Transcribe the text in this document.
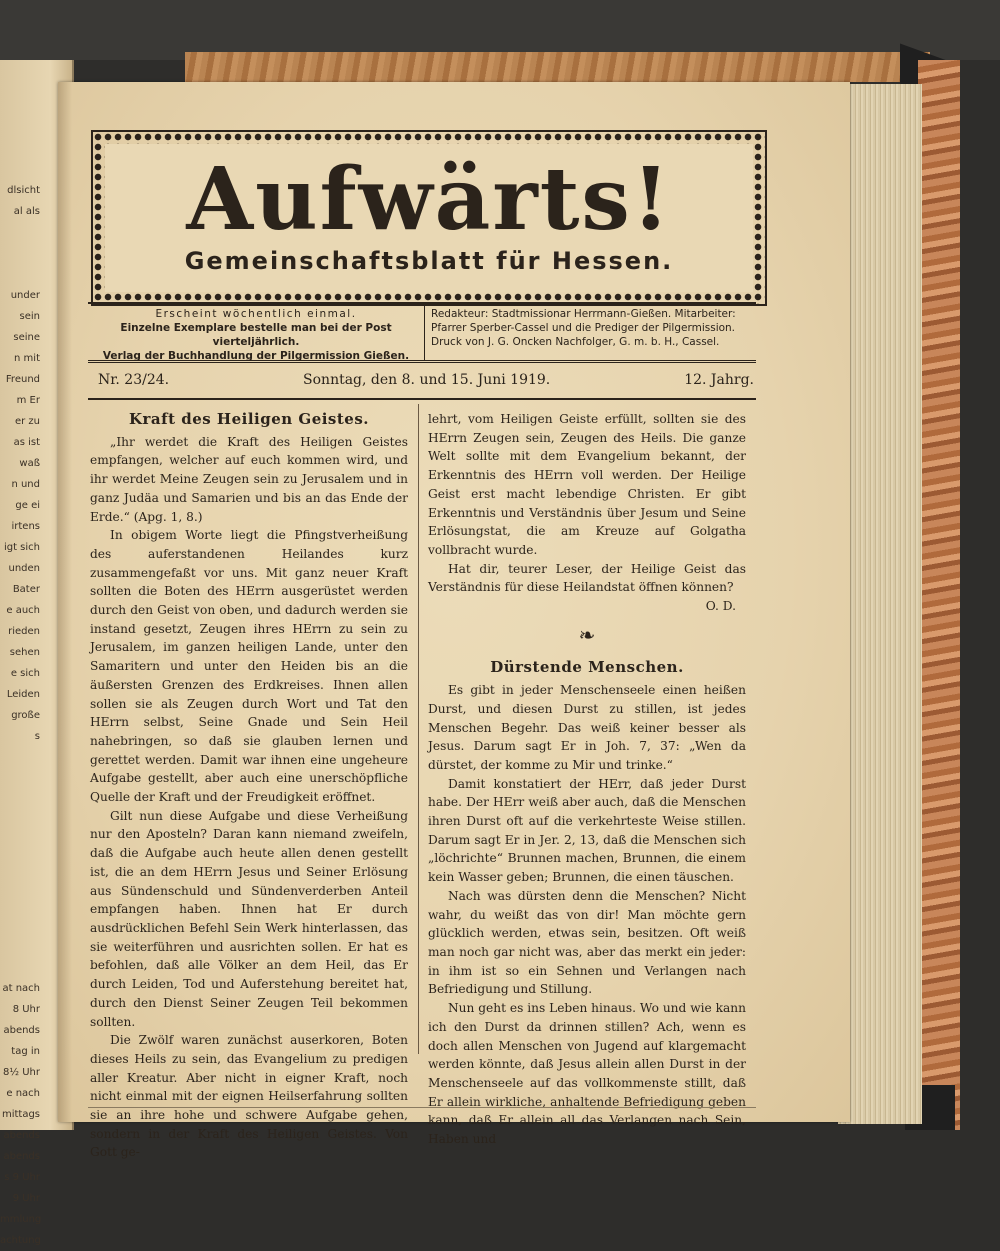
dlsicht
al als

under
sein
seine
n mit
Freund
m Er
er zu
as ist
waß
n und
ge ei
irtens
igt sich
unden
Bater
e auch
rieden
sehen
e sich
Leiden
große
s

at nach
8 Uhr
abends
tag in
8½ Uhr
e nach
mittags
abends
abends
s 9 Uhr
9 Uhr
mmlung
achtung
Aufwärts!
Gemeinschaftsblatt für Hessen.
Erscheint wöchentlich einmal.
Einzelne Exemplare bestelle man bei der Post vierteljährlich.
Verlag der Buchhandlung der Pilgermission Gießen.
Redakteur: Stadtmissionar Herrmann-Gießen. Mitarbeiter:
Pfarrer Sperber-Cassel und die Prediger der Pilgermission.
Druck von J. G. Oncken Nachfolger, G. m. b. H., Cassel.
Nr. 23/24.	Sonntag, den 8. und 15. Juni 1919.	12. Jahrg.
Kraft des Heiligen Geistes.

„Ihr werdet die Kraft des Heiligen Geistes empfangen, welcher auf euch kommen wird, und ihr werdet Meine Zeugen sein zu Jerusalem und in ganz Judäa und Samarien und bis an das Ende der Erde.“ (Apg. 1, 8.)

In obigem Worte liegt die Pfingstverheißung des auferstandenen Heilandes kurz zusammengefaßt vor uns. Mit ganz neuer Kraft sollten die Boten des HErrn ausgerüstet werden durch den Geist von oben, und dadurch werden sie instand gesetzt, Zeugen ihres HErrn zu sein zu Jerusalem, im ganzen heiligen Lande, unter den Samaritern und unter den Heiden bis an die äußersten Grenzen des Erdkreises. Ihnen allen sollen sie als Zeugen durch Wort und Tat den HErrn selbst, Seine Gnade und Sein Heil nahebringen, so daß sie glauben lernen und gerettet werden. Damit war ihnen eine ungeheure Aufgabe gestellt, aber auch eine unerschöpfliche Quelle der Kraft und der Freudigkeit eröffnet.

Gilt nun diese Aufgabe und diese Verheißung nur den Aposteln? Daran kann niemand zweifeln, daß die Aufgabe auch heute allen denen gestellt ist, die an dem HErrn Jesus und Seiner Erlösung aus Sündenschuld und Sündenverderben Anteil empfangen haben. Ihnen hat Er durch ausdrücklichen Befehl Sein Werk hinterlassen, das sie weiterführen und ausrichten sollen. Er hat es befohlen, daß alle Völker an dem Heil, das Er durch Leiden, Tod und Auferstehung bereitet hat, durch den Dienst Seiner Zeugen Teil bekommen sollten.

Die Zwölf waren zunächst auserkoren, Boten dieses Heils zu sein, das Evangelium zu predigen aller Kreatur. Aber nicht in eigner Kraft, noch nicht einmal mit der eignen Heilserfahrung sollten sie an ihre hohe und schwere Aufgabe gehen, sondern in der Kraft des Heiligen Geistes. Von Gott ge-

lehrt, vom Heiligen Geiste erfüllt, sollten sie des HErrn Zeugen sein, Zeugen des Heils. Die ganze Welt sollte mit dem Evangelium bekannt, der Erkenntnis des HErrn voll werden. Der Heilige Geist erst macht lebendige Christen. Er gibt Erkenntnis und Verständnis über Jesum und Seine Erlösungstat, die am Kreuze auf Golgatha vollbracht wurde.

Hat dir, teurer Leser, der Heilige Geist das Verständnis für diese Heilandstat öffnen können?

O. D.
❧
Dürstende Menschen.

Es gibt in jeder Menschenseele einen heißen Durst, und diesen Durst zu stillen, ist jedes Menschen Begehr. Das weiß keiner besser als Jesus. Darum sagt Er in Joh. 7, 37: „Wen da dürstet, der komme zu Mir und trinke.“

Damit konstatiert der HErr, daß jeder Durst habe. Der HErr weiß aber auch, daß die Menschen ihren Durst oft auf die verkehrteste Weise stillen. Darum sagt Er in Jer. 2, 13, daß die Menschen sich „löchrichte“ Brunnen machen, Brunnen, die einem kein Wasser geben; Brunnen, die einen täuschen.

Nach was dürsten denn die Menschen? Nicht wahr, du weißt das von dir! Man möchte gern glücklich werden, etwas sein, besitzen. Oft weiß man noch gar nicht was, aber das merkt ein jeder: in ihm ist so ein Sehnen und Verlangen nach Befriedigung und Stillung.

Nun geht es ins Leben hinaus. Wo und wie kann ich den Durst da drinnen stillen? Ach, wenn es doch allen Menschen von Jugend auf klargemacht werden könnte, daß Jesus allein allen Durst in der Menschenseele auf das vollkommenste stillt, daß Er allein wirkliche, anhaltende Befriedigung geben kann, daß Er allein all das Verlangen nach Sein, Haben und
